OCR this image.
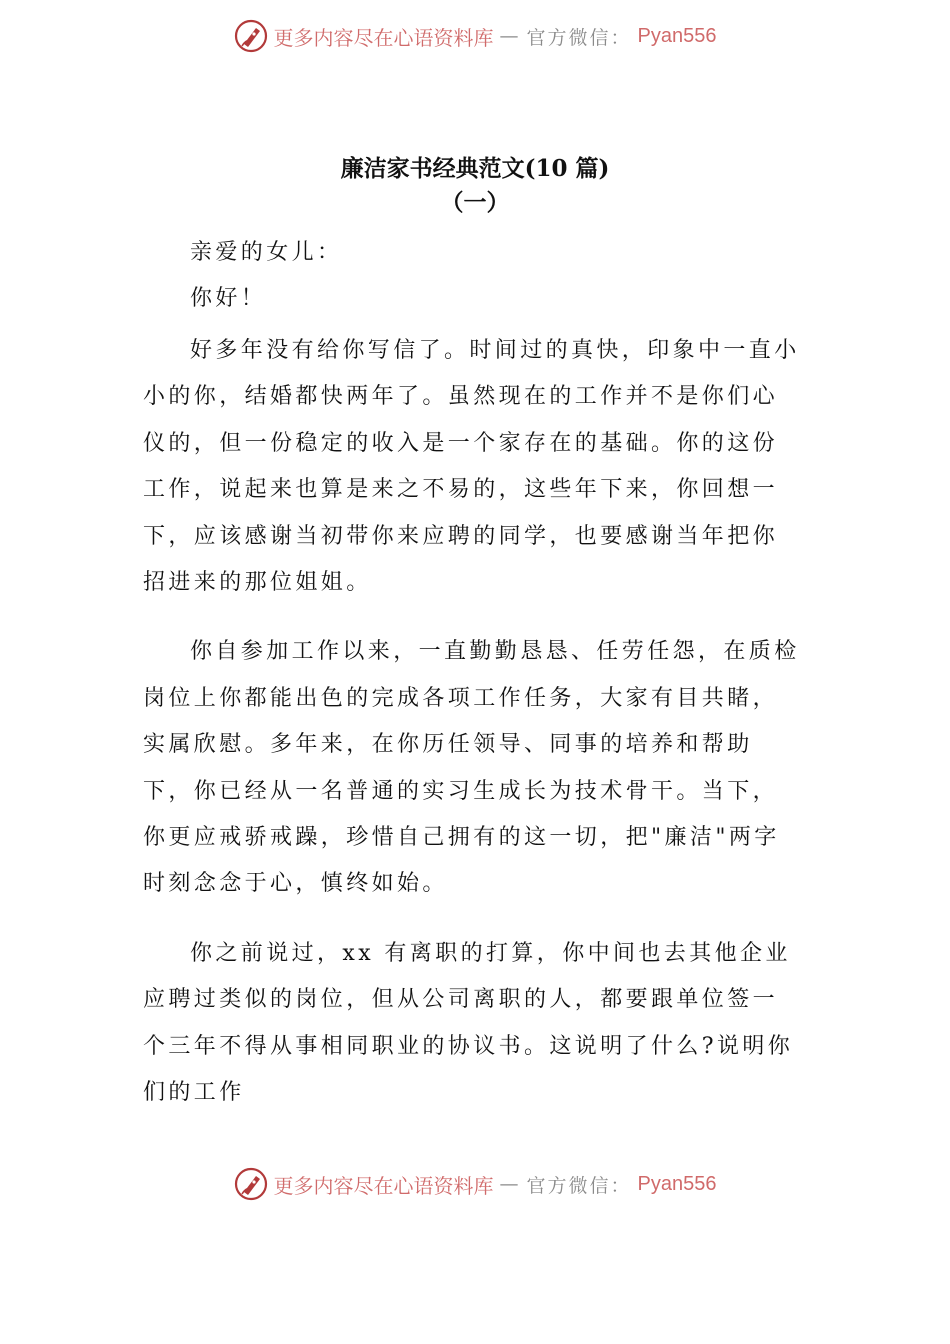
更多内容尽在心语资料库 — 官方微信： Pyan556
廉洁家书经典范文(10 篇)
（一）

亲爱的女儿：

你好！

好多年没有给你写信了。时间过的真快，印象中一直小小的你，结婚都快两年了。虽然现在的工作并不是你们心仪的，但一份稳定的收入是一个家存在的基础。你的这份工作，说起来也算是来之不易的，这些年下来，你回想一下，应该感谢当初带你来应聘的同学，也要感谢当年把你招进来的那位姐姐。

你自参加工作以来，一直勤勤恳恳、任劳任怨，在质检岗位上你都能出色的完成各项工作任务，大家有目共睹，实属欣慰。多年来，在你历任领导、同事的培养和帮助下，你已经从一名普通的实习生成长为技术骨干。当下，你更应戒骄戒躁，珍惜自己拥有的这一切，把"廉洁"两字时刻念念于心，慎终如始。

你之前说过，xx 有离职的打算，你中间也去其他企业应聘过类似的岗位，但从公司离职的人，都要跟单位签一个三年不得从事相同职业的协议书。这说明了什么?说明你们的工作

更多内容尽在心语资料库 — 官方微信： Pyan556
